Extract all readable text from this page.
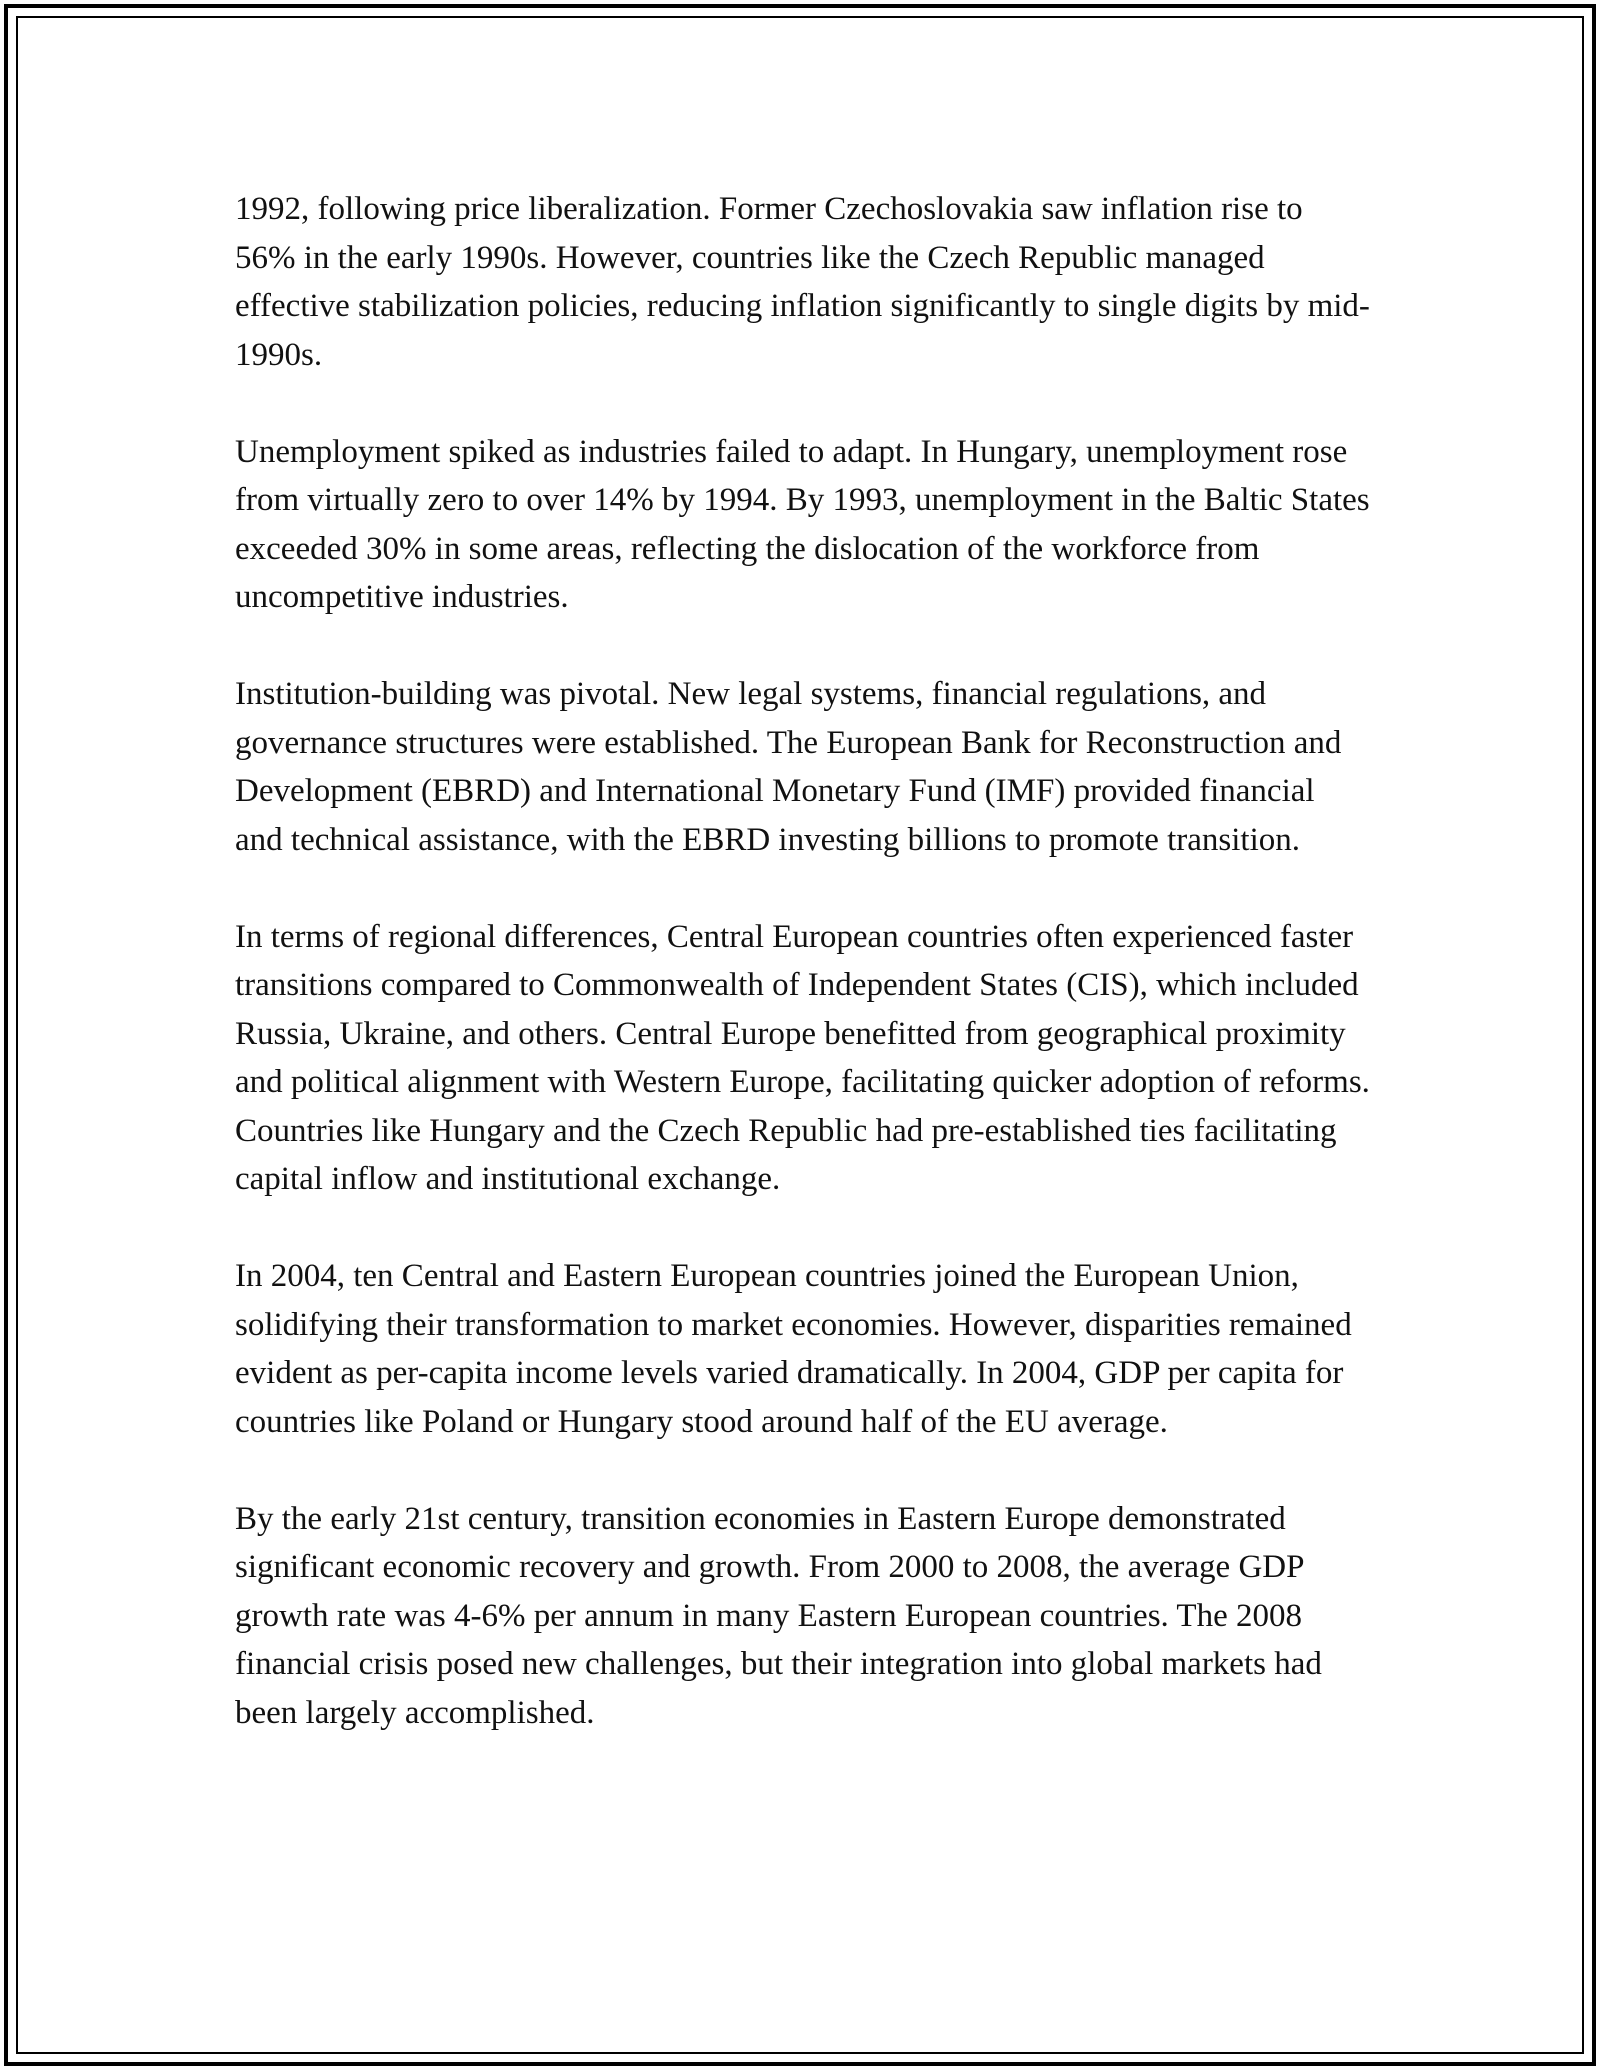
1992, following price liberalization. Former Czechoslovakia saw inflation rise to 56% in the early 1990s. However, countries like the Czech Republic managed effective stabilization policies, reducing inflation significantly to single digits by mid-1990s.

Unemployment spiked as industries failed to adapt. In Hungary, unemployment rose from virtually zero to over 14% by 1994. By 1993, unemployment in the Baltic States exceeded 30% in some areas, reflecting the dislocation of the workforce from uncompetitive industries.

Institution-building was pivotal. New legal systems, financial regulations, and governance structures were established. The European Bank for Reconstruction and Development (EBRD) and International Monetary Fund (IMF) provided financial and technical assistance, with the EBRD investing billions to promote transition.

In terms of regional differences, Central European countries often experienced faster transitions compared to Commonwealth of Independent States (CIS), which included Russia, Ukraine, and others. Central Europe benefitted from geographical proximity and political alignment with Western Europe, facilitating quicker adoption of reforms. Countries like Hungary and the Czech Republic had pre-established ties facilitating capital inflow and institutional exchange.

In 2004, ten Central and Eastern European countries joined the European Union, solidifying their transformation to market economies. However, disparities remained evident as per-capita income levels varied dramatically. In 2004, GDP per capita for countries like Poland or Hungary stood around half of the EU average.

By the early 21st century, transition economies in Eastern Europe demonstrated significant economic recovery and growth. From 2000 to 2008, the average GDP growth rate was 4-6% per annum in many Eastern European countries. The 2008 financial crisis posed new challenges, but their integration into global markets had been largely accomplished.
